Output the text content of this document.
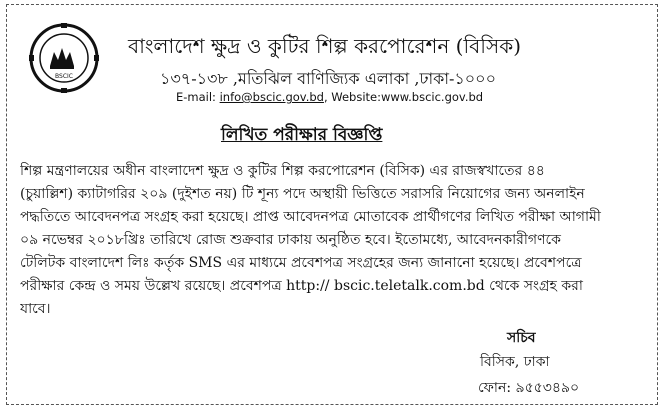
BSCIC
বাংলাদেশ ক্ষুদ্র ও কুটির শিল্প করপোরেশন (বিসিক)
১৩৭-১৩৮ ,মতিঝিল বাণিজ্যিক এলাকা ,ঢাকা-১০০০
E-mail: info@bscic.gov.bd, Website:www.bscic.gov.bd
লিখিত পরীক্ষার বিজ্ঞপ্তি
শিল্প মন্ত্রণালয়ের অধীন বাংলাদেশ ক্ষুদ্র ও কুটির শিল্প করপোরেশন (বিসিক) এর রাজস্বখাতের ৪৪
(চুয়াল্লিশ) ক্যাটাগরির ২০৯ (দুইশত নয়) টি শূন্য পদে অস্থায়ী ভিত্তিতে সরাসরি নিয়োগের জন্য অনলাইন
পদ্ধতিতে আবেদনপত্র সংগ্রহ করা হয়েছে। প্রাপ্ত আবেদনপত্র মোতাবেক প্রার্থীগণের লিখিত পরীক্ষা আগামী
০৯ নভেম্বর ২০১৮খ্রিঃ তারিখে রোজ শুক্রবার ঢাকায় অনুষ্ঠিত হবে। ইতোমধ্যে, আবেদনকারীগণকে
টেলিটক বাংলাদেশ লিঃ কর্তৃক SMS এর মাধ্যমে প্রবেশপত্র সংগ্রহের জন্য জানানো হয়েছে। প্রবেশপত্রে
পরীক্ষার কেন্দ্র ও সময় উল্লেখ রয়েছে। প্রবেশপত্র http:// bscic.teletalk.com.bd থেকে সংগ্রহ করা
যাবে।
সচিব
বিসিক, ঢাকা
ফোন: ৯৫৫৩৪৯০
